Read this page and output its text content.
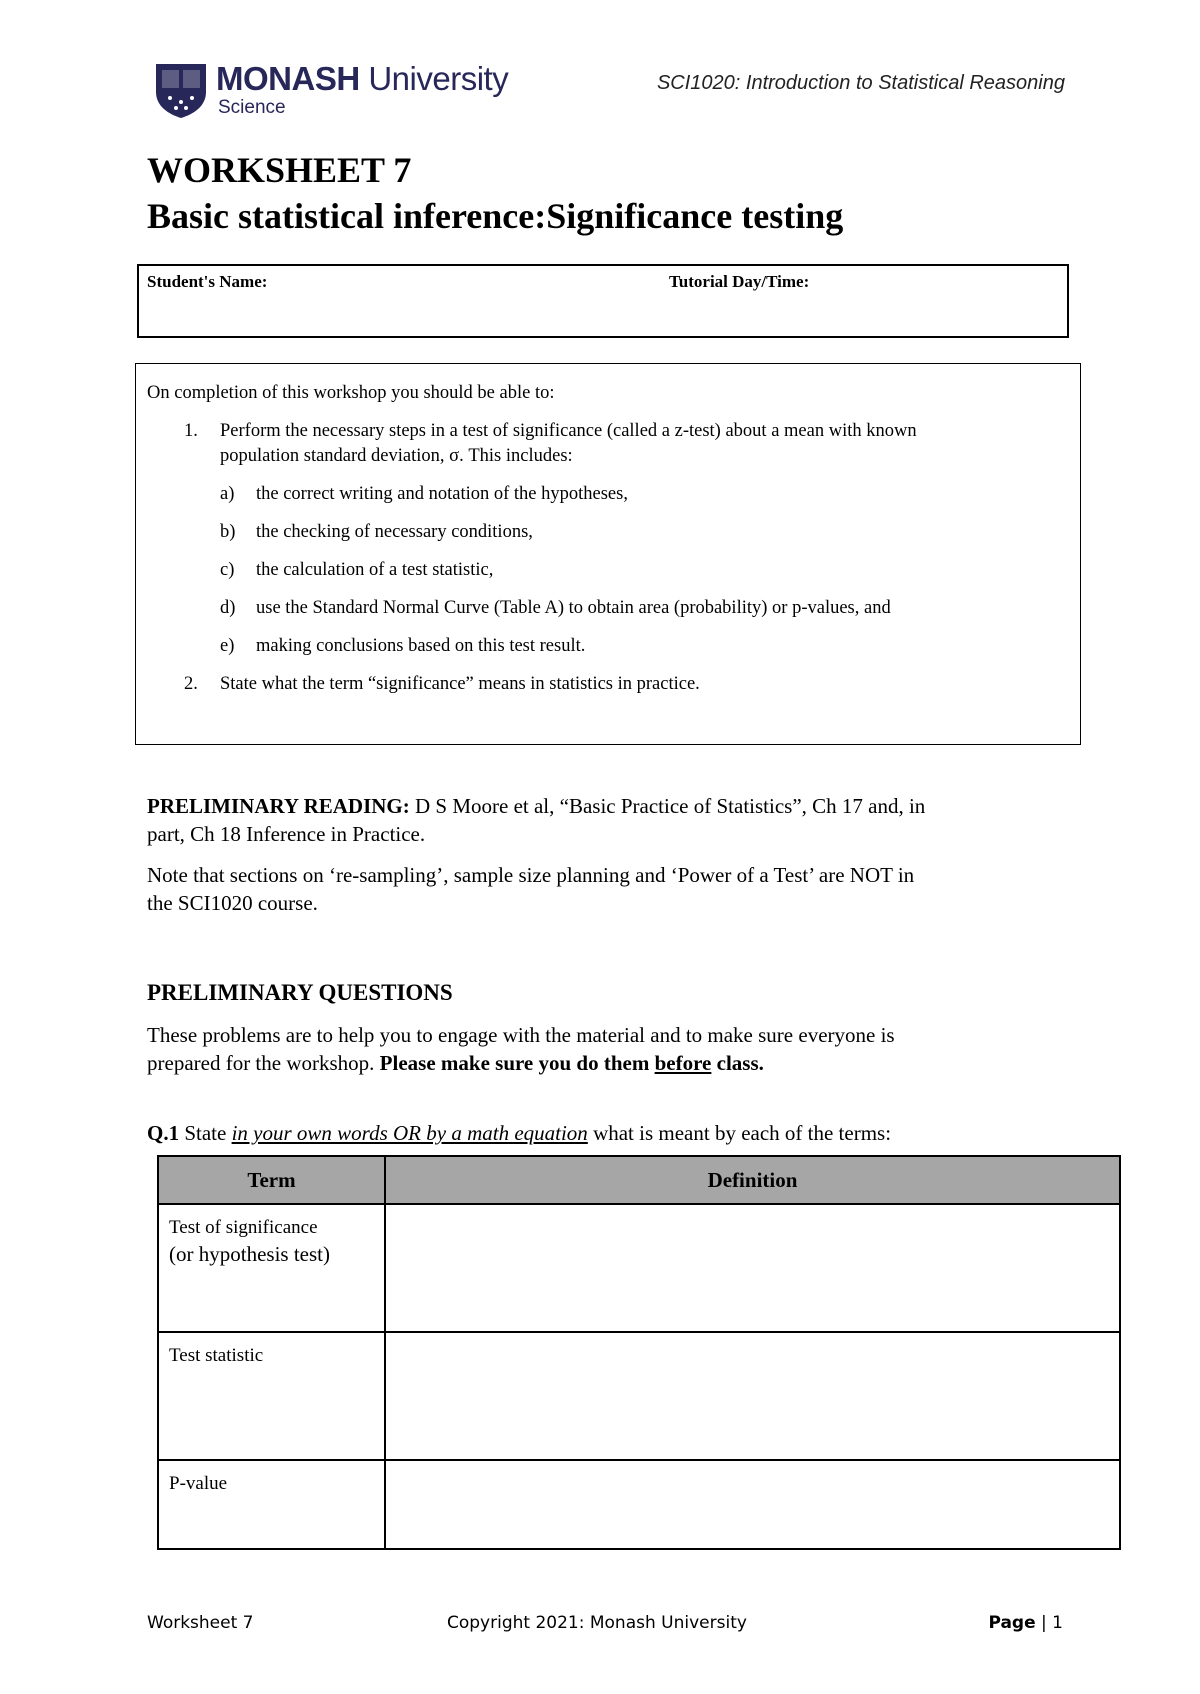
MONASH University
Science
SCI1020: Introduction to Statistical Reasoning
WORKSHEET 7
Basic statistical inference:Significance testing
Student's Name:	Tutorial Day/Time:
On completion of this workshop you should be able to:
1. Perform the necessary steps in a test of significance (called a z-test) about a mean with known
population standard deviation, σ. This includes:
a) the correct writing and notation of the hypotheses,
b) the checking of necessary conditions,
c) the calculation of a test statistic,
d) use the Standard Normal Curve (Table A) to obtain area (probability) or p-values, and
e) making conclusions based on this test result.
2. State what the term “significance” means in statistics in practice.
PRELIMINARY READING: D S Moore et al, “Basic Practice of Statistics”, Ch 17 and, in
part, Ch 18 Inference in Practice.
Note that sections on ‘re-sampling’, sample size planning and ‘Power of a Test’ are NOT in
the SCI1020 course.
PRELIMINARY QUESTIONS
These problems are to help you to engage with the material and to make sure everyone is
prepared for the workshop. Please make sure you do them before class.
Q.1 State in your own words OR by a math equation what is meant by each of the terms:
Term	Definition
Test of significance
(or hypothesis test)	
Test statistic	
P-value	
Worksheet 7	Copyright 2021: Monash University	Page | 1
